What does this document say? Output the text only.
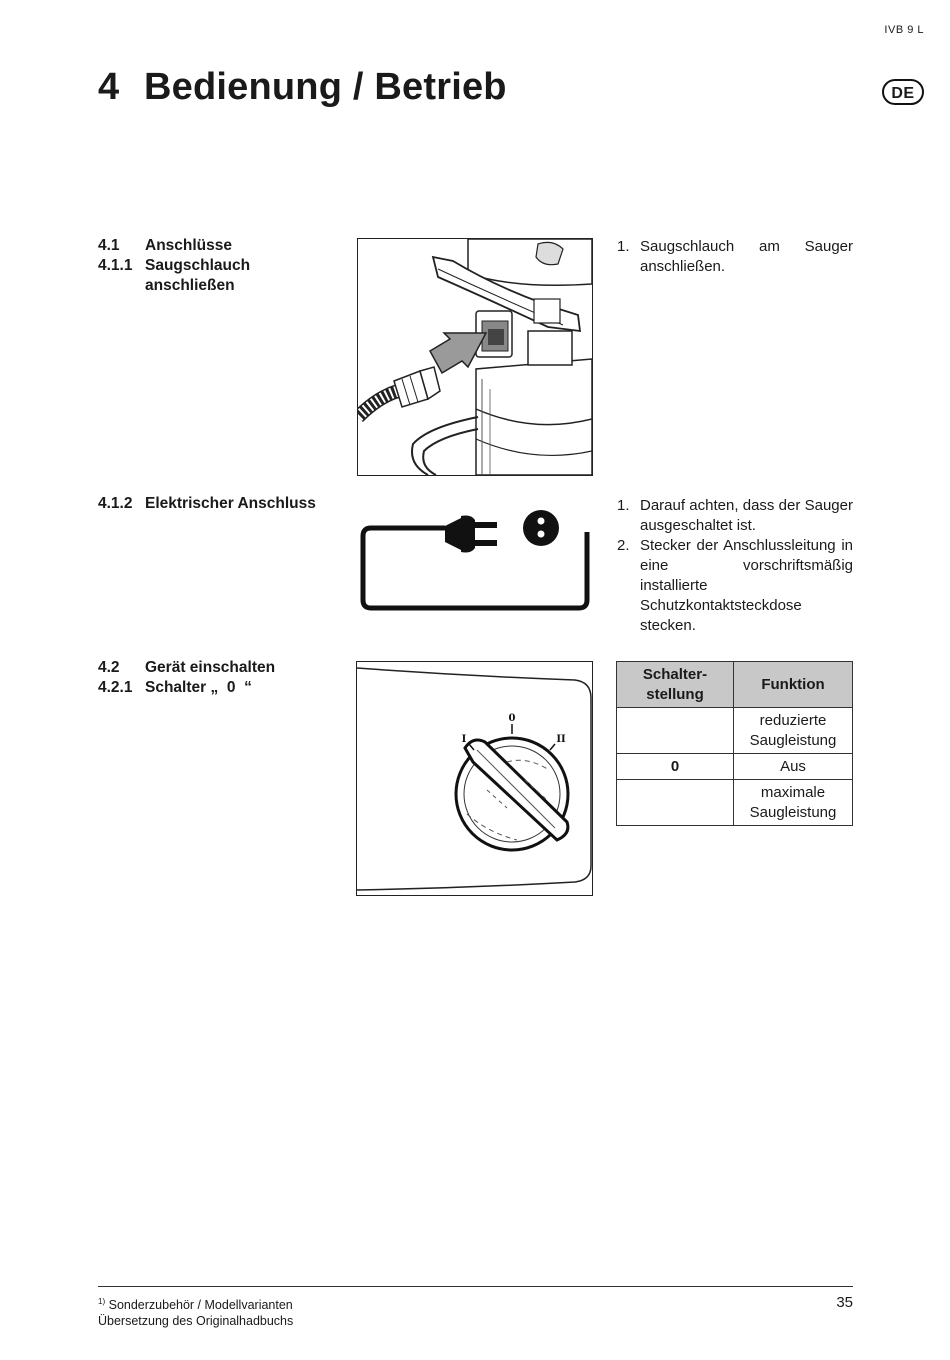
IVB 9 L
4 Bedienung / Betrieb	DE
4.1	Anschlüsse
4.1.1 Saugschlauch
anschließen
1. Saugschlauch am Sauger anschließen.
4.1.2 Elektrischer Anschluss	1. Darauf achten, dass der Sauger ausgeschaltet ist.
2. Stecker der Anschlussleitung in eine vorschriftsmäßig installierte Schutzkontaktsteckdose stecken.
4.2	Gerät einschalten
4.2.1 Schalter „  0  “
0
I	II
Schalter-
stellung	Funktion
	reduzierte Saugleistung
0	Aus
	maximale Saugleistung
$^{1)}$ Sonderzubehör / Modellvarianten
Übersetzung des Originalhadbuchs
35
